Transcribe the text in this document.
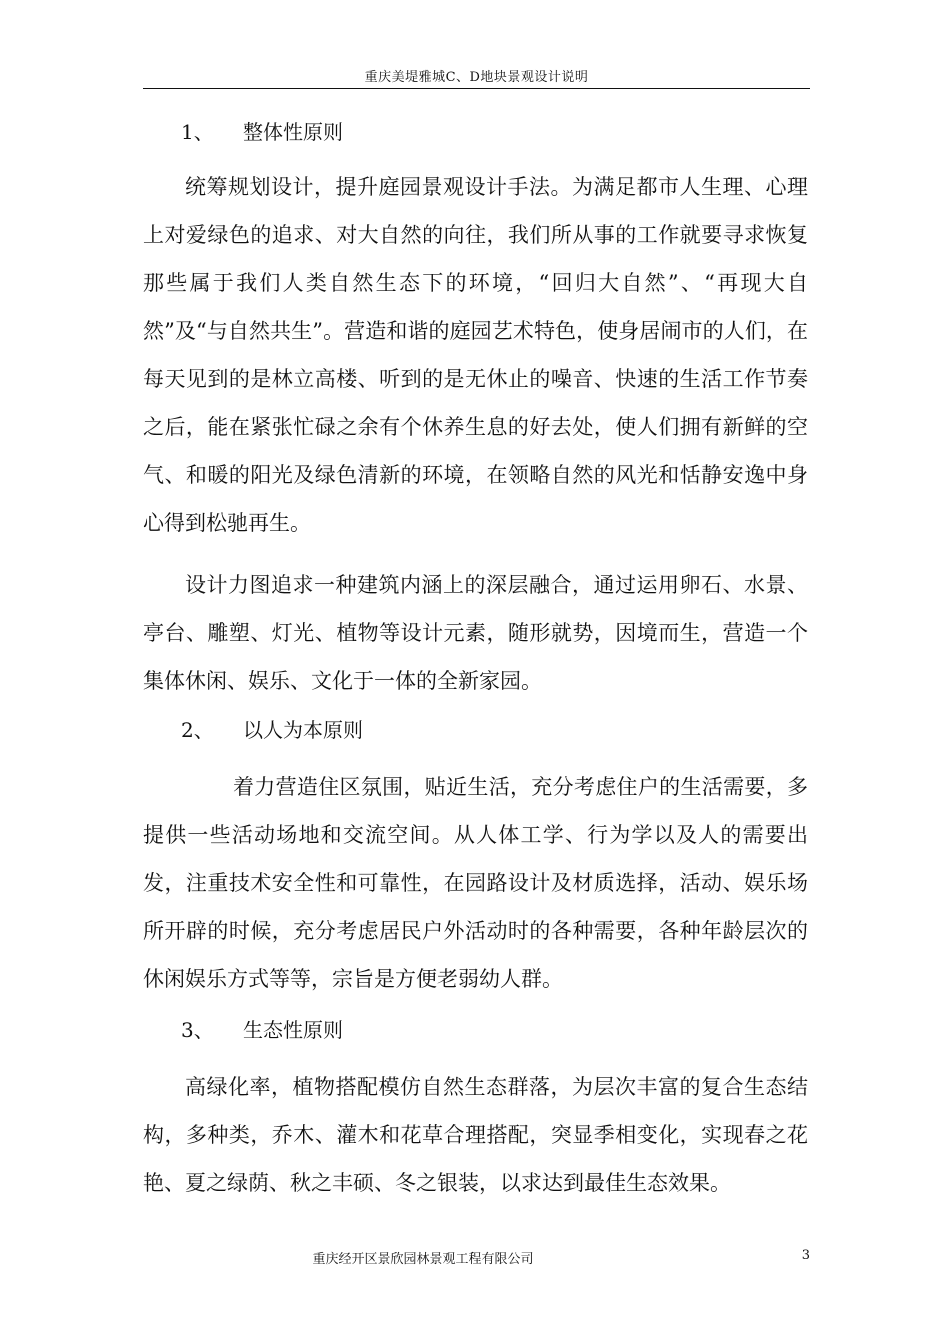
重庆美堤雅城C、D地块景观设计说明
1、 整体性原则

统筹规划设计，提升庭园景观设计手法。为满足都市人生理、心理上对爱绿色的追求、对大自然的向往，我们所从事的工作就要寻求恢复那些属于我们人类自然生态下的环境，“回归大自然”、“再现大自然”及“与自然共生”。营造和谐的庭园艺术特色，使身居闹市的人们，在每天见到的是林立高楼、听到的是无休止的噪音、快速的生活工作节奏之后，能在紧张忙碌之余有个休养生息的好去处，使人们拥有新鲜的空气、和暖的阳光及绿色清新的环境，在领略自然的风光和恬静安逸中身心得到松驰再生。

设计力图追求一种建筑内涵上的深层融合，通过运用卵石、水景、亭台、雕塑、灯光、植物等设计元素，随形就势，因境而生，营造一个集体休闲、娱乐、文化于一体的全新家园。

2、 以人为本原则

着力营造住区氛围，贴近生活，充分考虑住户的生活需要，多提供一些活动场地和交流空间。从人体工学、行为学以及人的需要出发，注重技术安全性和可靠性，在园路设计及材质选择，活动、娱乐场所开辟的时候，充分考虑居民户外活动时的各种需要，各种年龄层次的休闲娱乐方式等等，宗旨是方便老弱幼人群。

3、 生态性原则

高绿化率，植物搭配模仿自然生态群落，为层次丰富的复合生态结构，多种类，乔木、灌木和花草合理搭配，突显季相变化，实现春之花艳、夏之绿荫、秋之丰硕、冬之银装，以求达到最佳生态效果。

重庆经开区景欣园林景观工程有限公司	3
